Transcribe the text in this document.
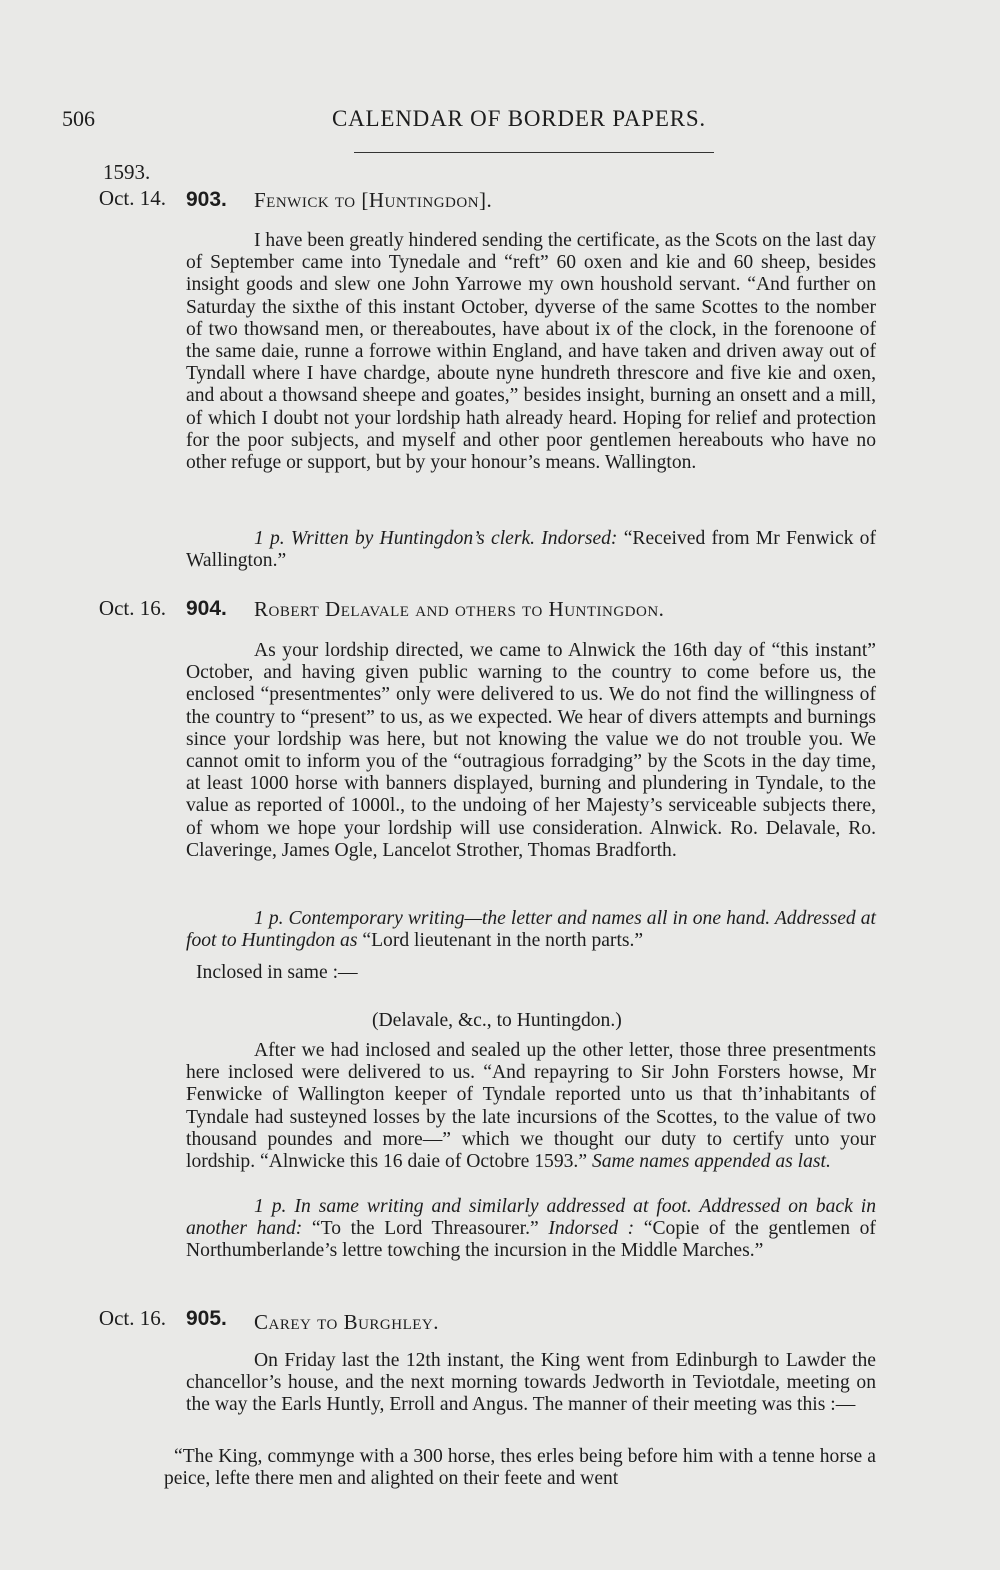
506	CALENDAR OF BORDER PAPERS.
1593.
Oct. 14. 903. Fenwick to [Huntingdon].

I have been greatly hindered sending the certificate, as the Scots on the last day of September came into Tynedale and “reft” 60 oxen and kie and 60 sheep, besides insight goods and slew one John Yarrowe my own houshold servant. “And further on Saturday the sixthe of this instant October, dyverse of the same Scottes to the nomber of two thowsand men, or thereaboutes, have about ix of the clock, in the forenoone of the same daie, runne a forrowe within England, and have taken and driven away out of Tyndall where I have chardge, aboute nyne hundreth threscore and five kie and oxen, and about a thowsand sheepe and goates,” besides insight, burning an onsett and a mill, of which I doubt not your lordship hath already heard. Hoping for relief and protection for the poor subjects, and myself and other poor gentlemen hereabouts who have no other refuge or support, but by your honour’s means. Wallington.

1 p. Written by Huntingdon’s clerk. Indorsed: “Received from Mr Fenwick of Wallington.”

Oct. 16. 904. Robert Delavale and others to Huntingdon.

As your lordship directed, we came to Alnwick the 16th day of “this instant” October, and having given public warning to the country to come before us, the enclosed “presentmentes” only were delivered to us. We do not find the willingness of the country to “present” to us, as we expected. We hear of divers attempts and burnings since your lordship was here, but not knowing the value we do not trouble you. We cannot omit to inform you of the “outragious forradging” by the Scots in the day time, at least 1000 horse with banners displayed, burning and plundering in Tyndale, to the value as reported of 1000l., to the undoing of her Majesty’s serviceable subjects there, of whom we hope your lordship will use consideration. Alnwick. Ro. Delavale, Ro. Claveringe, James Ogle, Lancelot Strother, Thomas Bradforth.

1 p. Contemporary writing—the letter and names all in one hand. Addressed at foot to Huntingdon as “Lord lieutenant in the north parts.”

Inclosed in same :—
(Delavale, &c., to Huntingdon.)

After we had inclosed and sealed up the other letter, those three presentments here inclosed were delivered to us. “And repayring to Sir John Forsters howse, Mr Fenwicke of Wallington keeper of Tyndale reported unto us that th’inhabitants of Tyndale had susteyned losses by the late incursions of the Scottes, to the value of two thousand poundes and more—” which we thought our duty to certify unto your lordship. “Alnwicke this 16 daie of Octobre 1593.” Same names appended as last.

1 p. In same writing and similarly addressed at foot. Addressed on back in another hand: “To the Lord Threasourer.” Indorsed : “Copie of the gentlemen of Northumberlande’s lettre towching the incursion in the Middle Marches.”

Oct. 16. 905. Carey to Burghley.

On Friday last the 12th instant, the King went from Edinburgh to Lawder the chancellor’s house, and the next morning towards Jedworth in Teviotdale, meeting on the way the Earls Huntly, Erroll and Angus. The manner of their meeting was this :—

“The King, commynge with a 300 horse, thes erles being before him with a tenne horse a peice, lefte there men and alighted on their feete and went
